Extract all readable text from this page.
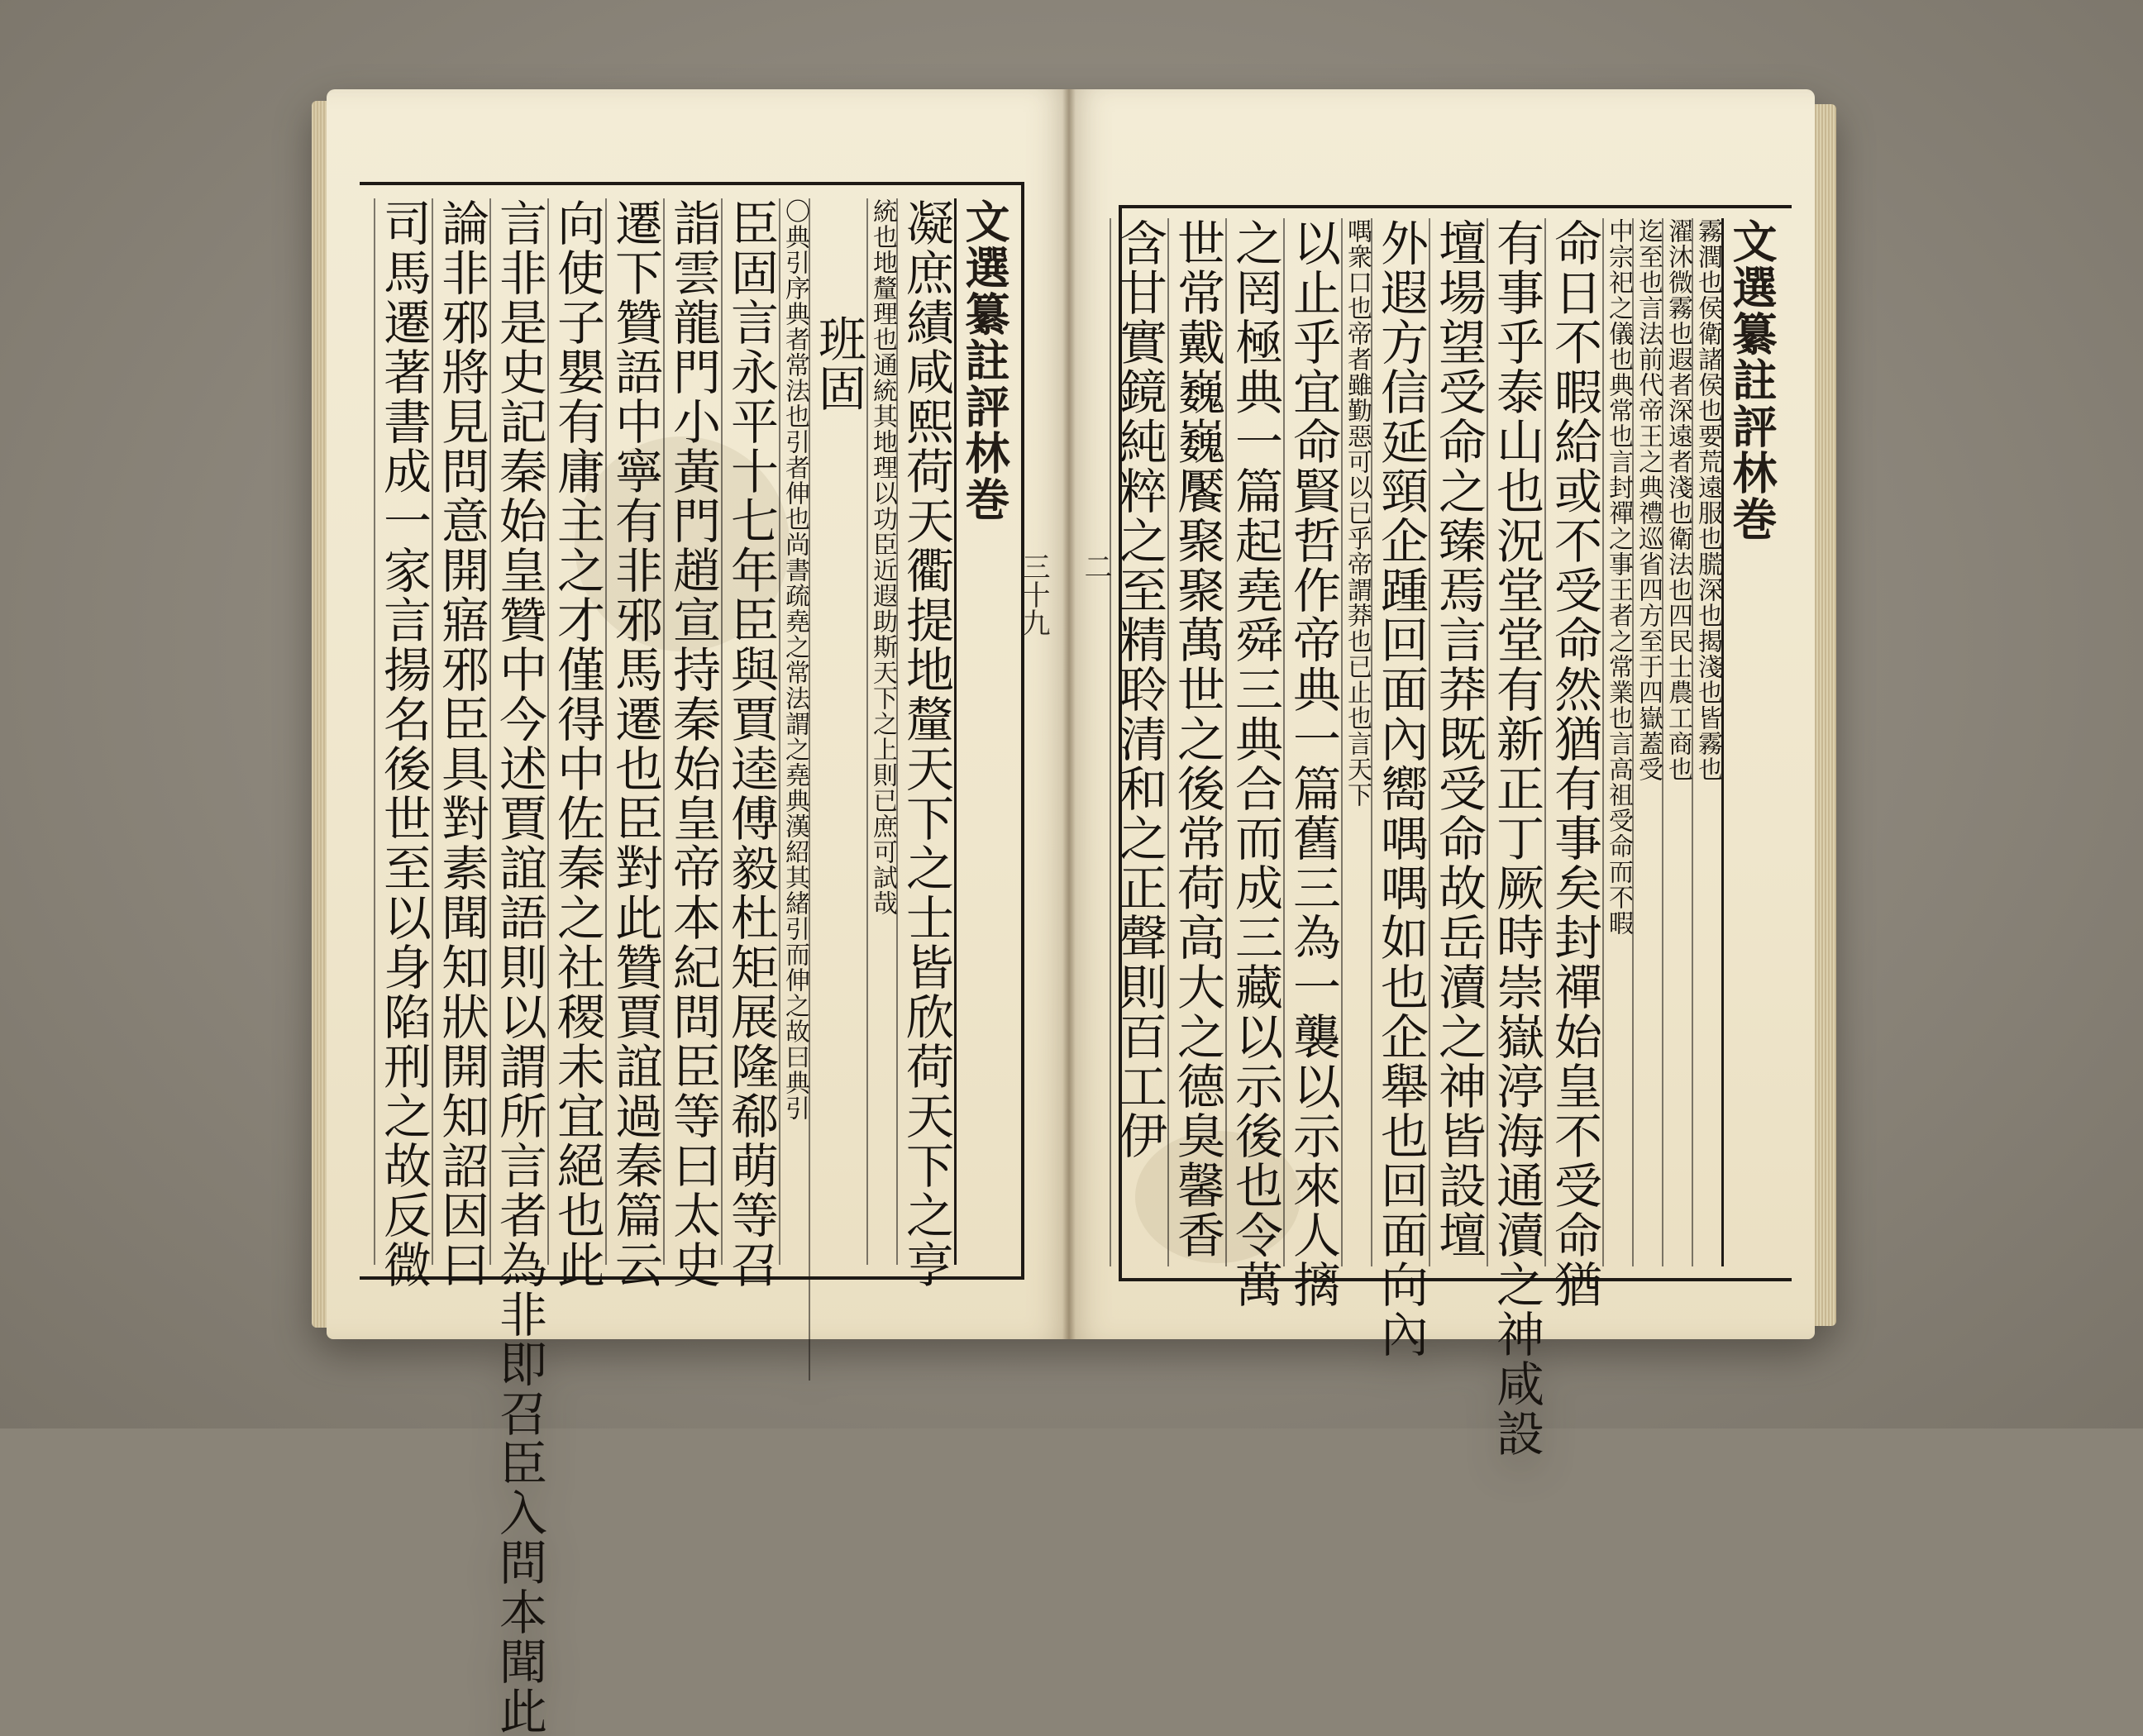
三十九
文選纂註評林巻
凝庶績咸熙荷天衢提地釐天下之士皆欣荷天下之亨
統也地釐理也通統其地理以功臣近遐助斯天下之上則已庶可試哉
班固
〇典引序典者常法也引者伸也尚書疏堯之常法謂之堯典漢紹其緒引而伸之故曰典引
臣固言永平十七年臣與賈逵傅毅杜矩展隆郗萌等召
詣雲龍門小黃門趙宣持秦始皇帝本紀問臣等曰太史
遷下贊語中寧有非邪馬遷也臣對此贊賈誼過秦篇云
向使子嬰有庸主之才僅得中佐秦之社稷未宜絕也此
言非是史記秦始皇贊中今述賈誼語則以謂所言者為非即召臣入問本聞此
論非邪將見問意開寤邪臣具對素聞知狀開知詔因曰
司馬遷著書成一家言揚名後世至以身陷刑之故反微	二
文選纂註評林巻
霧潤也侯衛諸侯也要荒遠服也㬻深也揭淺也皆霧也
濯沐微霧也遐者深遠者淺也衛法也四民士農工商也
迄至也言法前代帝王之典禮巡省四方至于四嶽蓋受
中宗祀之儀也典常也言封禪之事王者之常業也言高祖受命而不暇
命日不暇給或不受命然猶有事矣封禪始皇不受命猶
有事乎泰山也況堂堂有新正丁厥時崇嶽渟海通瀆之神咸設
壇場望受命之臻焉言莽既受命故岳瀆之神皆設壇
外遐方信延頸企踵回面內嚮喁喁如也企舉也回面向內
喁衆口也帝者雖勤惡可以已乎帝謂莽也已止也言天下
以止乎宜命賢哲作帝典一篇舊三為一襲以示來人摛
之罔極典一篇起堯舜三典合而成三藏以示後也令萬
世常戴巍巍饜聚聚萬世之後常荷高大之德臭馨香
含甘實鏡純粹之至精聆清和之正聲則百工伊
